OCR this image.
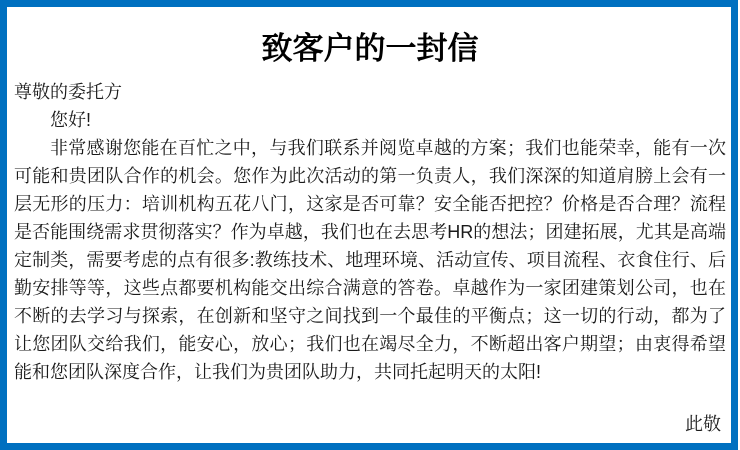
致客户的一封信
尊敬的委托方
您好!
非常感谢您能在百忙之中，与我们联系并阅览卓越的方案；我们也能荣幸，能有一次
可能和贵团队合作的机会。您作为此次活动的第一负责人，我们深深的知道肩膀上会有一
层无形的压力：培训机构五花八门，这家是否可靠？安全能否把控？价格是否合理？流程
是否能围绕需求贯彻落实？作为卓越，我们也在去思考HR的想法；团建拓展，尤其是高端
定制类，需要考虑的点有很多:教练技术、地理环境、活动宣传、项目流程、衣食住行、后
勤安排等等，这些点都要机构能交出综合满意的答卷。卓越作为一家团建策划公司，也在
不断的去学习与探索，在创新和坚守之间找到一个最佳的平衡点；这一切的行动，都为了
让您团队交给我们，能安心，放心；我们也在竭尽全力，不断超出客户期望；由衷得希望
能和您团队深度合作，让我们为贵团队助力，共同托起明天的太阳!
此敬
